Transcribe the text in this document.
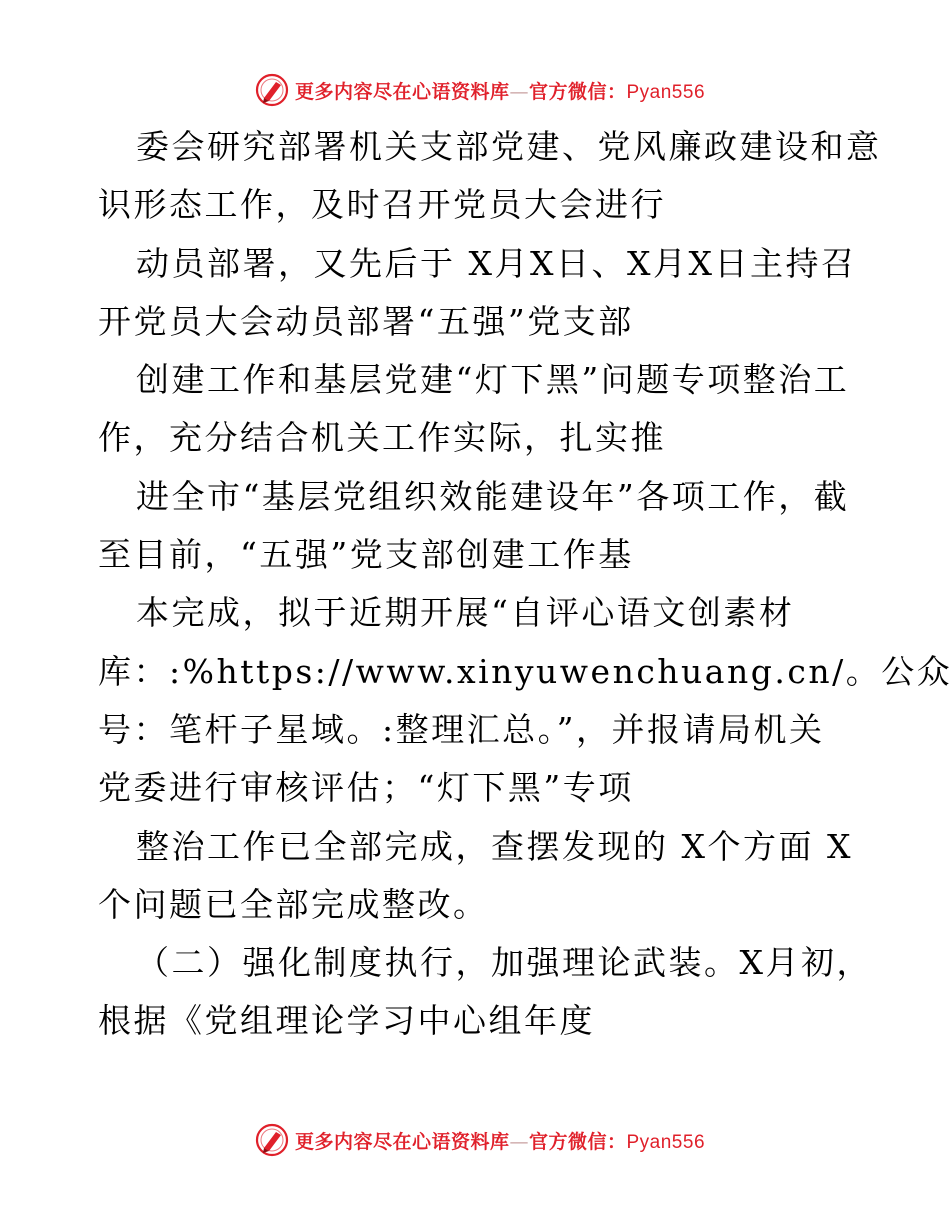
更多内容尽在心语资料库—官方微信：Pyan556
委会研究部署机关支部党建、党风廉政建设和意
识形态工作，及时召开党员大会进行
动员部署，又先后于 X月X日、X月X日主持召
开党员大会动员部署“五强”党支部
创建工作和基层党建“灯下黑”问题专项整治工
作，充分结合机关工作实际，扎实推
进全市“基层党组织效能建设年”各项工作，截
至目前，“五强”党支部创建工作基
本完成，拟于近期开展“自评心语文创素材
库：:%https://www.xinyuwenchuang.cn/。公众
号：笔杆子星域。:整理汇总。”，并报请局机关
党委进行审核评估；“灯下黑”专项
整治工作已全部完成，查摆发现的 X个方面 X
个问题已全部完成整改。
（二）强化制度执行，加强理论武装。X月初，
根据《党组理论学习中心组年度
更多内容尽在心语资料库—官方微信：Pyan556
